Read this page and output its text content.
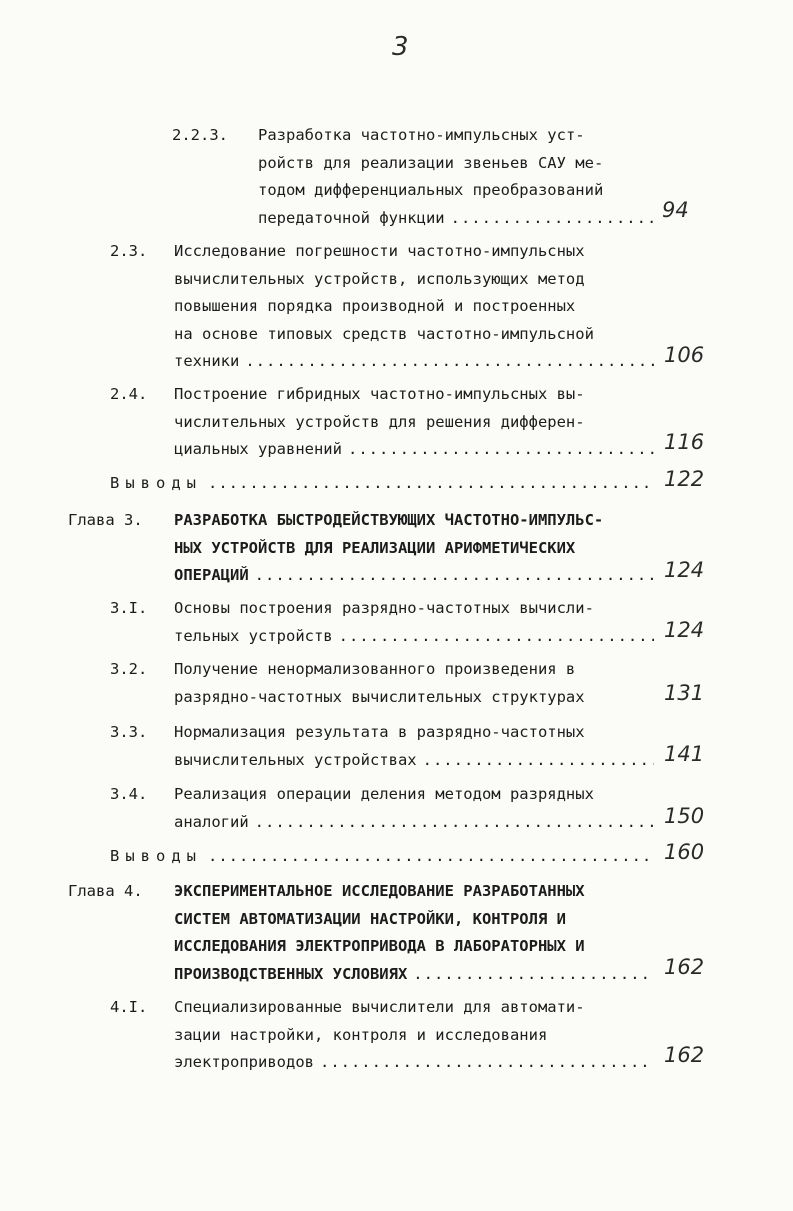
3
2.2.3. Разработка частотно-импульсных уст-
ройств для реализации звеньев САУ ме-
тодом дифференциальных преобразований
передаточной функции .....	94
2.3. Исследование погрешности частотно-импульсных
вычислительных устройств, использующих метод
повышения порядка производной и построенных
на основе типовых средств частотно-импульсной
техники .....	106
2.4. Построение гибридных частотно-импульсных вы-
числительных устройств для решения дифферен-
циальных уравнений .....	116
Выводы .....	122
Глава 3. РАЗРАБОТКА БЫСТРОДЕЙСТВУЮЩИХ ЧАСТОТНО-ИМПУЛЬС-
НЫХ УСТРОЙСТВ ДЛЯ РЕАЛИЗАЦИИ АРИФМЕТИЧЕСКИХ
ОПЕРАЦИЙ .....	124
3.I. Основы построения разрядно-частотных вычисли-
тельных устройств .....	124
3.2. Получение ненормализованного произведения в
разрядно-частотных вычислительных структурах	131
3.3. Нормализация результата в разрядно-частотных
вычислительных устройствах .....	141
3.4. Реализация операции деления методом разрядных
аналогий .....	150
Выводы .....	160
Глава 4. ЭКСПЕРИМЕНТАЛЬНОЕ ИССЛЕДОВАНИЕ РАЗРАБОТАННЫХ
СИСТЕМ АВТОМАТИЗАЦИИ НАСТРОЙКИ, КОНТРОЛЯ И
ИССЛЕДОВАНИЯ ЭЛЕКТРОПРИВОДА В ЛАБОРАТОРНЫХ И
ПРОИЗВОДСТВЕННЫХ УСЛОВИЯХ .....	162
4.I. Специализированные вычислители для автомати-
зации настройки, контроля и исследования
электроприводов .....	162
